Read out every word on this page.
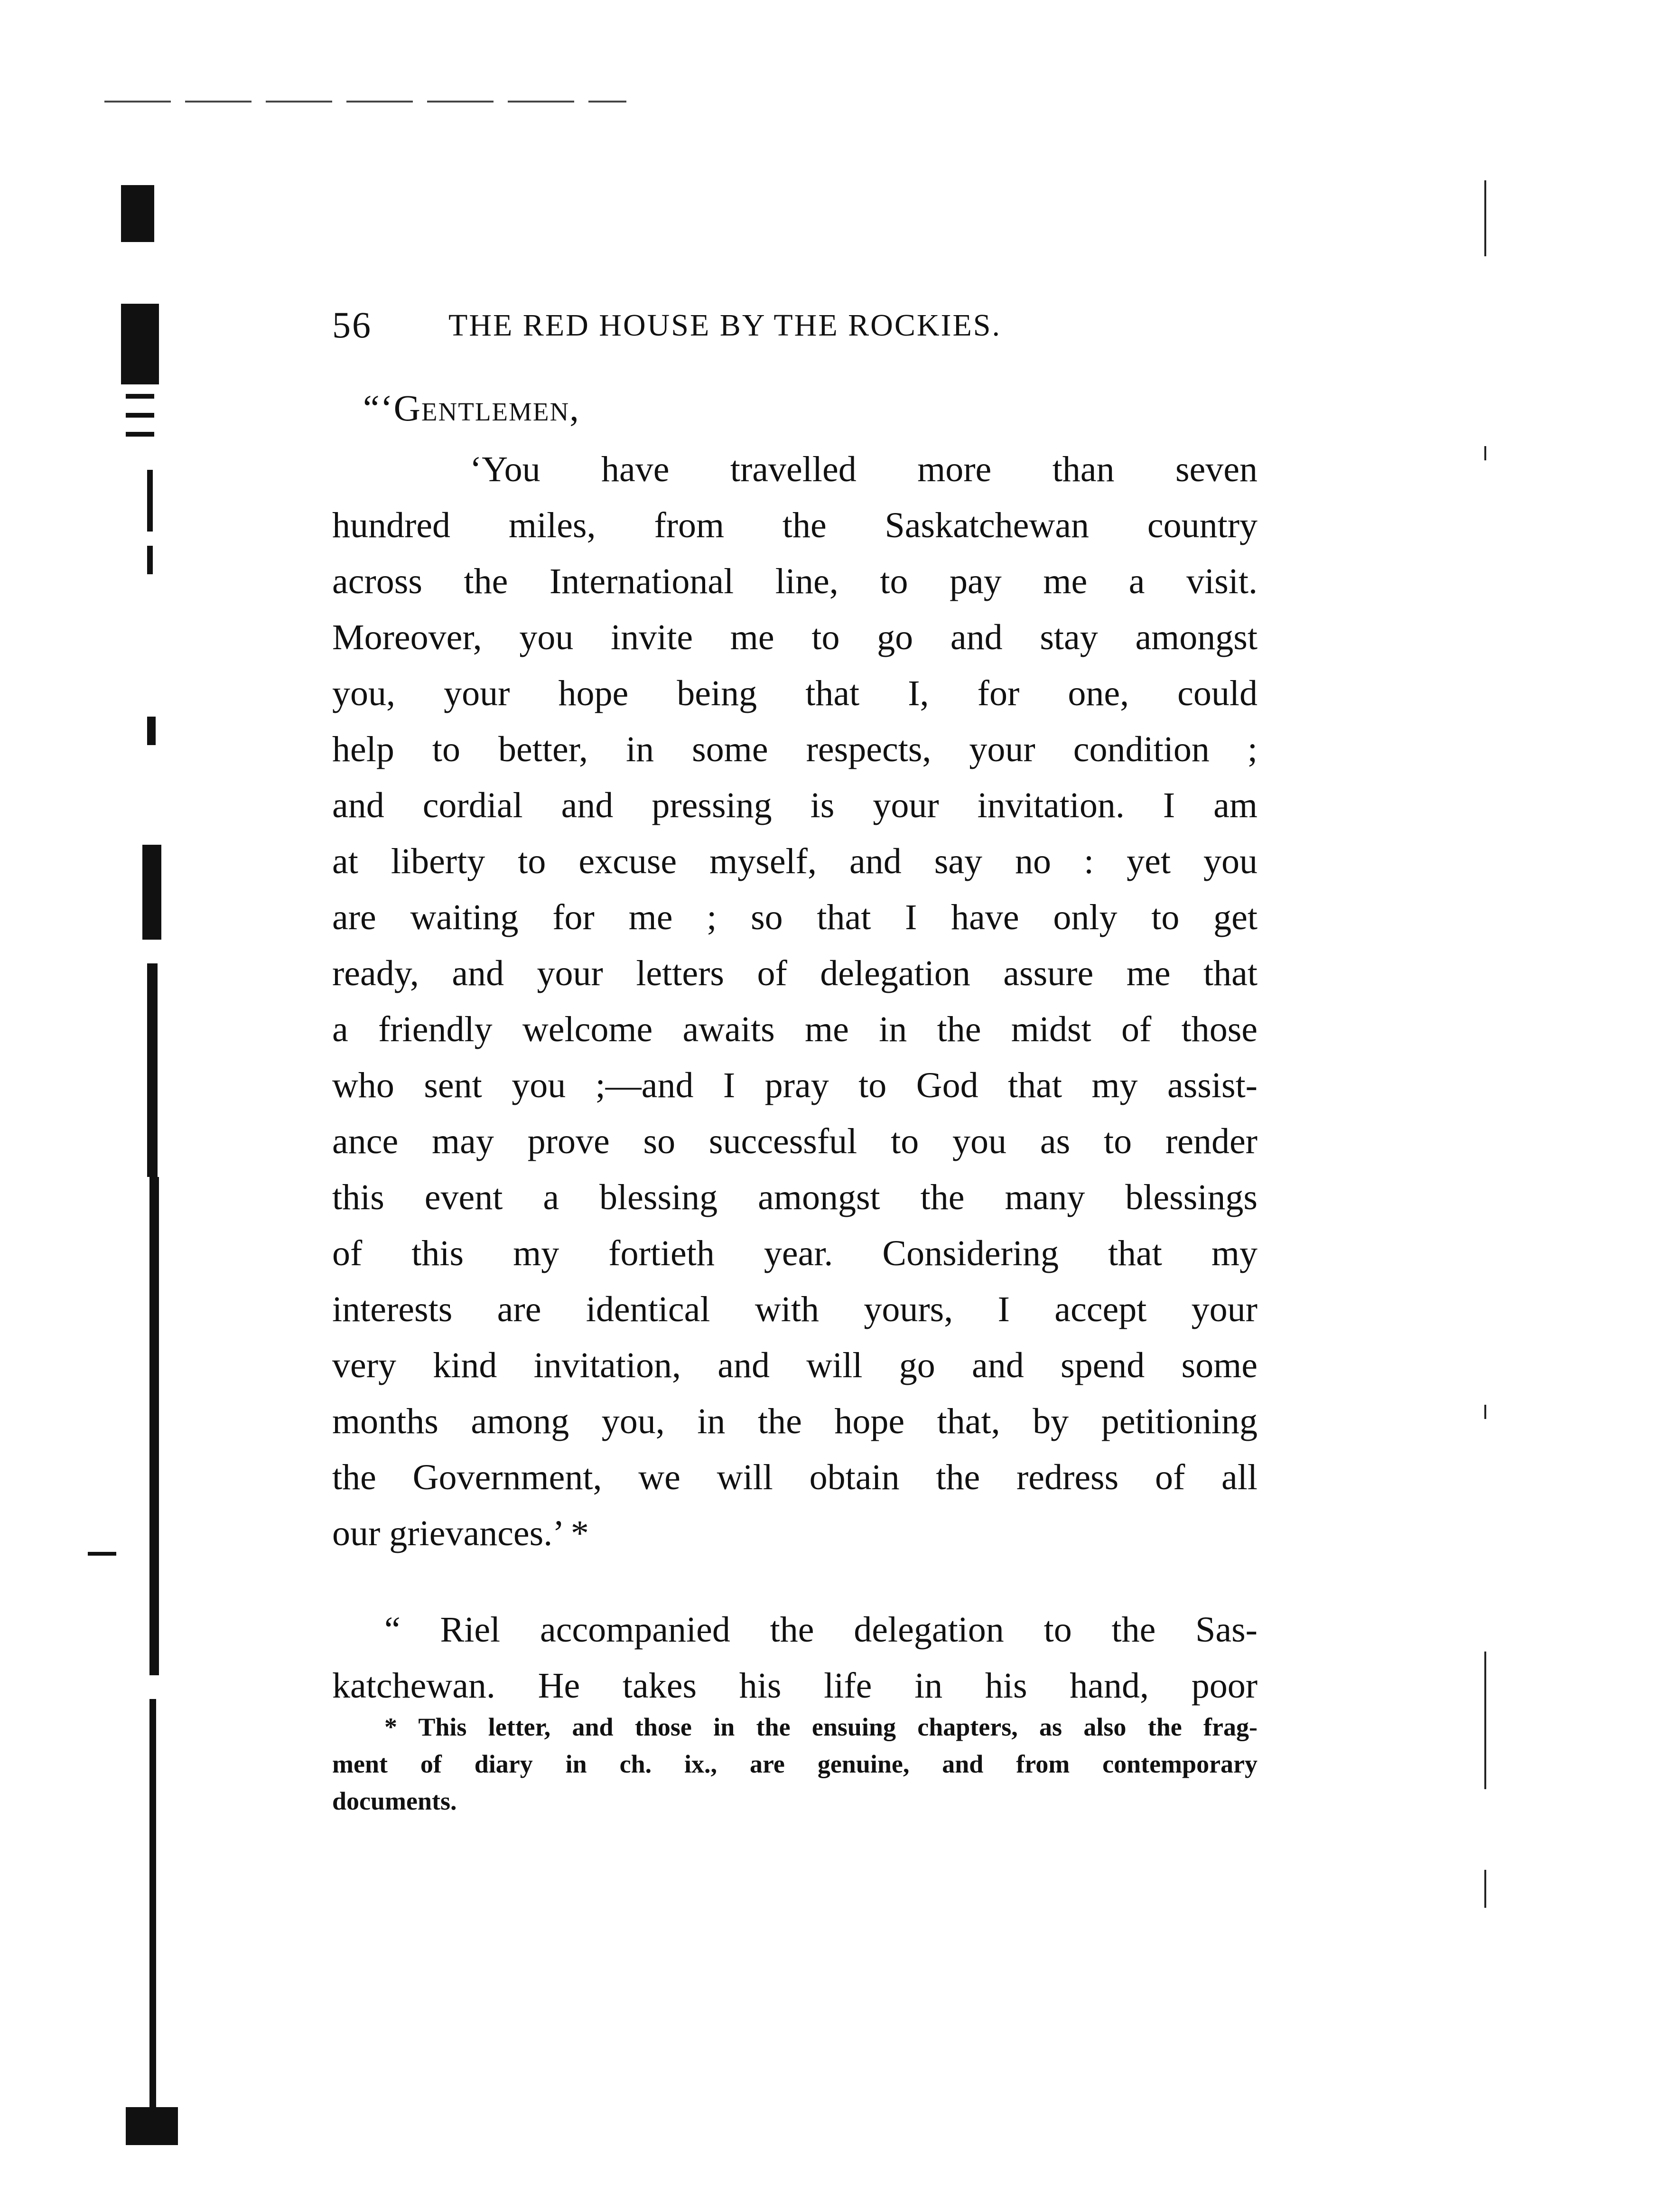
56 THE RED HOUSE BY THE ROCKIES.
“‘Gentlemen,
‘You have travelled more than seven
hundred miles, from the Saskatchewan country
across the International line, to pay me a visit.
Moreover, you invite me to go and stay amongst
you, your hope being that I, for one, could
help to better, in some respects, your condition ;
and cordial and pressing is your invitation. I am
at liberty to excuse myself, and say no : yet you
are waiting for me ; so that I have only to get
ready, and your letters of delegation assure me that
a friendly welcome awaits me in the midst of those
who sent you ;—and I pray to God that my assist-
ance may prove so successful to you as to render
this event a blessing amongst the many blessings
of this my fortieth year. Considering that my
interests are identical with yours, I accept your
very kind invitation, and will go and spend some
months among you, in the hope that, by petitioning
the Government, we will obtain the redress of all
our grievances.’ *
“ Riel accompanied the delegation to the Sas-
katchewan. He takes his life in his hand, poor
* This letter, and those in the ensuing chapters, as also the frag-
ment of diary in ch. ix., are genuine, and from contemporary
documents.
